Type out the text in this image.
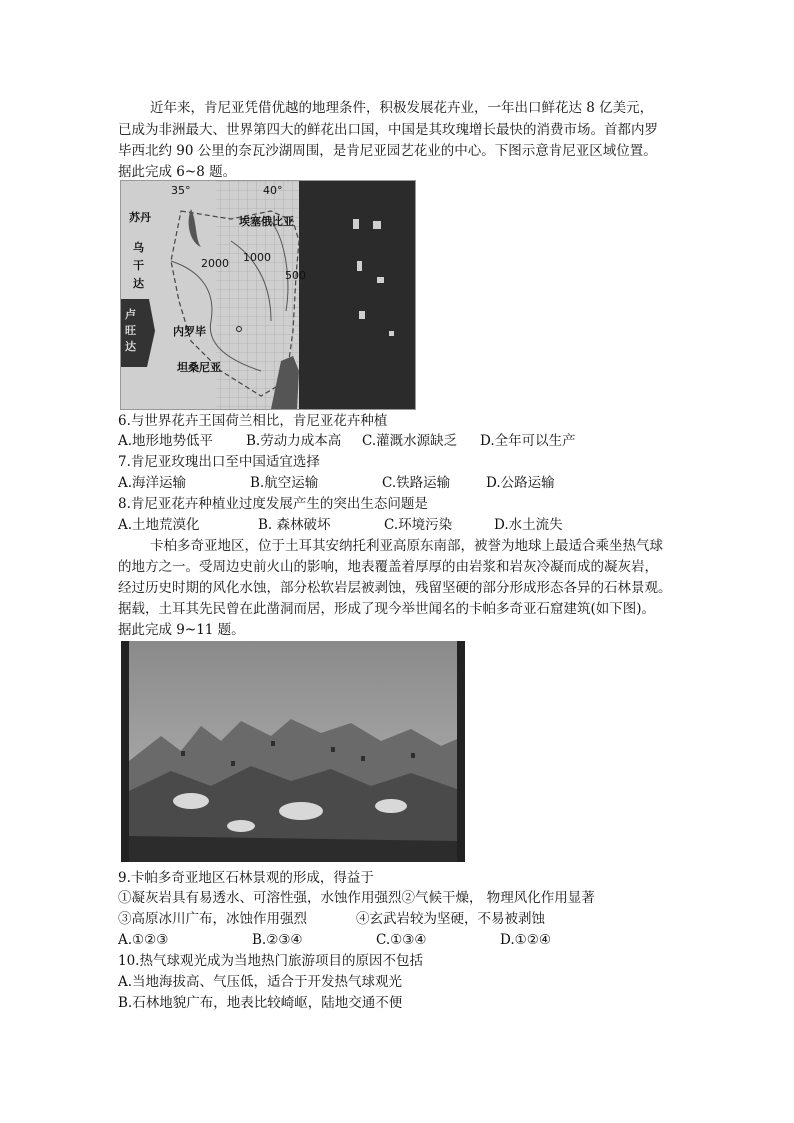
近年来，肯尼亚凭借优越的地理条件，积极发展花卉业，一年出口鲜花达 8 亿美元，
已成为非洲最大、世界第四大的鲜花出口国，中国是其玫瑰增长最快的消费市场。首都内罗
毕西北约 90 公里的奈瓦沙湖周围，是肯尼亚园艺花业的中心。下图示意肯尼亚区域位置。
据此完成 6~8 题。
35°	40°
苏丹	埃塞俄比亚
乌
干
达
卢
旺
达
2000 1000
500
内罗毕
坦桑尼亚
6.与世界花卉王国荷兰相比，肯尼亚花卉种植
A.地形地势低平 B.劳动力成本高 C.灌溉水源缺乏 D.全年可以生产
7.肯尼亚玫瑰出口至中国适宜选择
A.海洋运输	B.航空运输	C.铁路运输	D.公路运输
8.肯尼亚花卉种植业过度发展产生的突出生态问题是
A.土地荒漠化	B. 森林破坏	C.环境污染	D.水土流失
卡柏多奇亚地区，位于土耳其安纳托利亚高原东南部，被誉为地球上最适合乘坐热气球
的地方之一。受周边史前火山的影响，地表覆盖着厚厚的由岩浆和岩灰冷凝而成的凝灰岩，
经过历史时期的风化水蚀，部分松软岩层被剥蚀，残留坚硬的部分形成形态各异的石林景观。
据载，土耳其先民曾在此凿洞而居，形成了现今举世闻名的卡帕多奇亚石窟建筑(如下图)。
据此完成 9~11 题。
9.卡帕多奇亚地区石林景观的形成，得益于
①凝灰岩具有易透水、可溶性强，水蚀作用强烈②气候干燥， 物理风化作用显著
③高原冰川广布，冰蚀作用强烈	④玄武岩较为坚硬，不易被剥蚀
A.①②③	B.②③④	C.①③④	D.①②④
10.热气球观光成为当地热门旅游项目的原因不包括
A.当地海拔高、气压低，适合于开发热气球观光
B.石林地貌广布，地表比较崎岖，陆地交通不便
